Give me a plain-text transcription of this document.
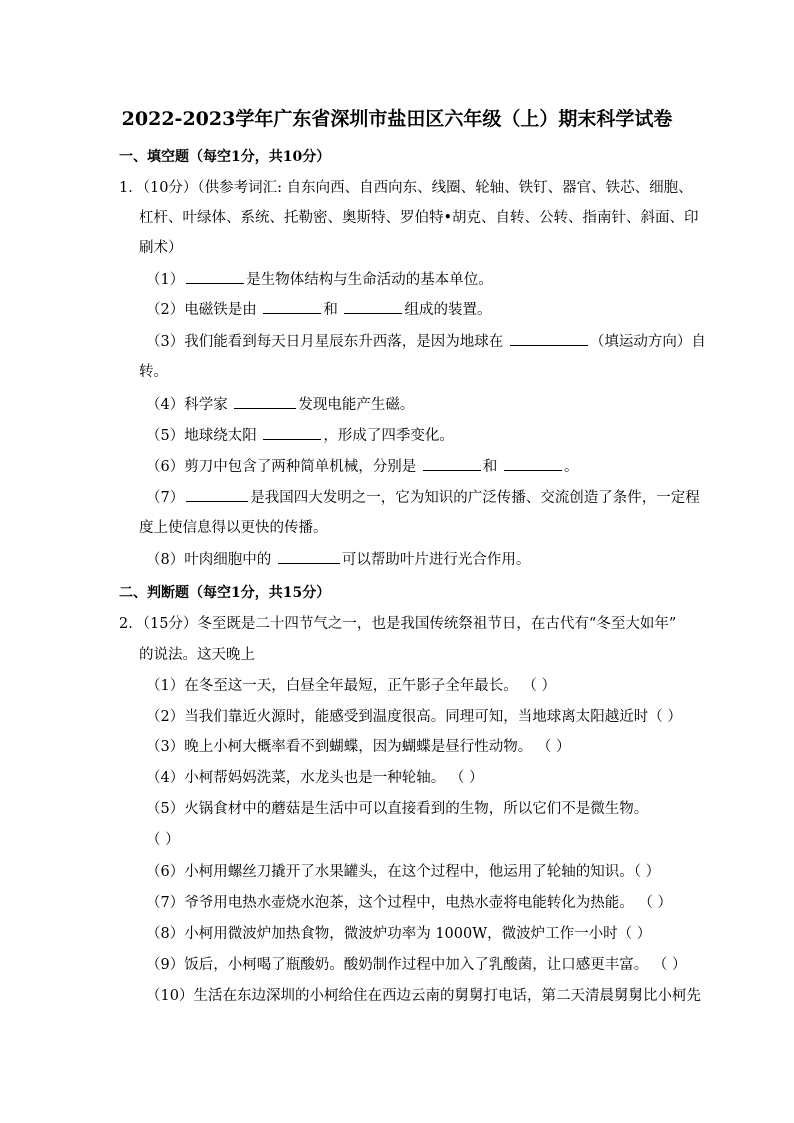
2022-2023学年广东省深圳市盐田区六年级（上）期末科学试卷
一、填空题（每空1分，共10分）
1．（10分）（供参考词汇: 自东向西、自西向东、线圈、轮轴、铁钉、器官、铁芯、细胞、
杠杆、叶绿体、系统、托勒密、奥斯特、罗伯特•胡克、自转、公转、指南针、斜面、印
刷术）
（1）	是生物体结构与生命活动的基本单位。
（2）电磁铁是由	和	组成的装置。
（3）我们能看到每天日月星辰东升西落，是因为地球在	（填运动方向）自
转。
（4）科学家	发现电能产生磁。
（5）地球绕太阳	，形成了四季变化。
（6）剪刀中包含了两种简单机械，分别是	和	。
（7）	是我国四大发明之一，它为知识的广泛传播、交流创造了条件，一定程
度上使信息得以更快的传播。
（8）叶肉细胞中的	可以帮助叶片进行光合作用。
二、判断题（每空1分，共15分）
2．（15分）冬至既是二十四节气之一，也是我国传统祭祖节日，在古代有“冬至大如年”
的说法。这天晚上
（1）在冬至这一天，白昼全年最短，正午影子全年最长。 （ ）
（2）当我们靠近火源时，能感受到温度很高。同理可知，当地球离太阳越近时（ ）
（3）晚上小柯大概率看不到蝴蝶，因为蝴蝶是昼行性动物。 （ ）
（4）小柯帮妈妈洗菜，水龙头也是一种轮轴。 （ ）
（5）火锅食材中的蘑菇是生活中可以直接看到的生物，所以它们不是微生物。
（ ）
（6）小柯用螺丝刀撬开了水果罐头，在这个过程中，他运用了轮轴的知识。（ ）
（7）爷爷用电热水壶烧水泡茶，这个过程中，电热水壶将电能转化为热能。 （ ）
（8）小柯用微波炉加热食物，微波炉功率为 1000W，微波炉工作一小时（ ）
（9）饭后，小柯喝了瓶酸奶。酸奶制作过程中加入了乳酸菌，让口感更丰富。 （ ）
（10）生活在东边深圳的小柯给住在西边云南的舅舅打电话，第二天清晨舅舅比小柯先
